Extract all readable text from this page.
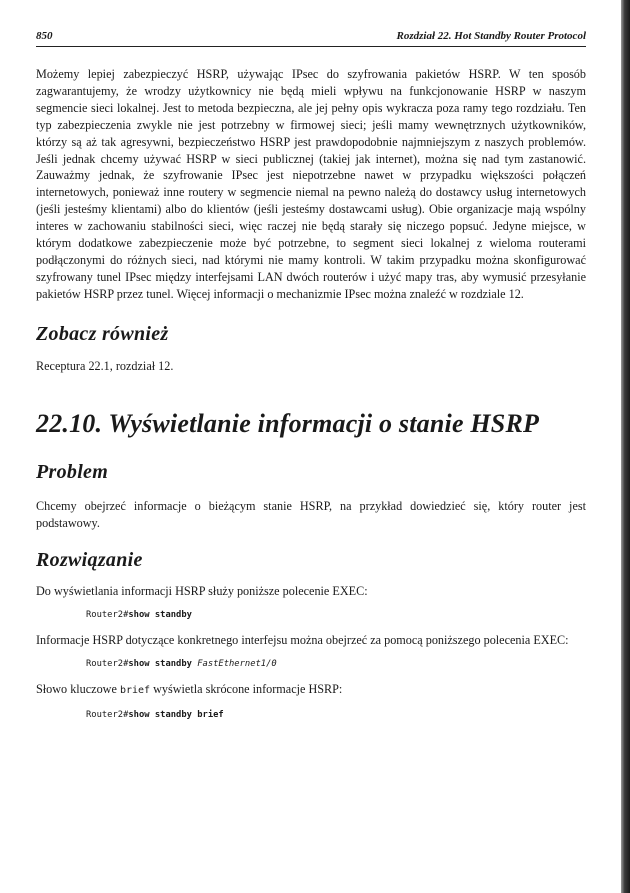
850	Rozdział 22. Hot Standby Router Protocol

Możemy lepiej zabezpieczyć HSRP, używając IPsec do szyfrowania pakietów HSRP. W ten sposób zagwarantujemy, że wrodzy użytkownicy nie będą mieli wpływu na funkcjonowanie HSRP w naszym segmencie sieci lokalnej. Jest to metoda bezpieczna, ale jej pełny opis wykracza poza ramy tego rozdziału. Ten typ zabezpieczenia zwykle nie jest potrzebny w firmowej sieci; jeśli mamy wewnętrznych użytkowników, którzy są aż tak agresywni, bezpieczeństwo HSRP jest prawdopodobnie najmniejszym z naszych problemów. Jeśli jednak chcemy używać HSRP w sieci publicznej (takiej jak internet), można się nad tym zastanowić. Zauważmy jednak, że szyfrowanie IPsec jest niepotrzebne nawet w przypadku większości połączeń internetowych, ponieważ inne routery w segmencie niemal na pewno należą do dostawcy usług internetowych (jeśli jesteśmy klientami) albo do klientów (jeśli jesteśmy dostawcami usług). Obie organizacje mają wspólny interes w zachowaniu stabilności sieci, więc raczej nie będą starały się niczego popsuć. Jedyne miejsce, w którym dodatkowe zabezpieczenie może być potrzebne, to segment sieci lokalnej z wieloma routerami podłączonymi do różnych sieci, nad którymi nie mamy kontroli. W takim przypadku można skonfigurować szyfrowany tunel IPsec między interfejsami LAN dwóch routerów i użyć mapy tras, aby wymusić przesyłanie pakietów HSRP przez tunel. Więcej informacji o mechanizmie IPsec można znaleźć w rozdziale 12.

Zobacz również

Receptura 22.1, rozdział 12.

22.10. Wyświetlanie informacji o stanie HSRP
Problem

Chcemy obejrzeć informacje o bieżącym stanie HSRP, na przykład dowiedzieć się, który router jest podstawowy.

Rozwiązanie

Do wyświetlania informacji HSRP służy poniższe polecenie EXEC:

Router2#show standby

Informacje HSRP dotyczące konkretnego interfejsu można obejrzeć za pomocą poniższego polecenia EXEC:

Router2#show standby FastEthernet1/0

Słowo kluczowe brief wyświetla skrócone informacje HSRP:

Router2#show standby brief
